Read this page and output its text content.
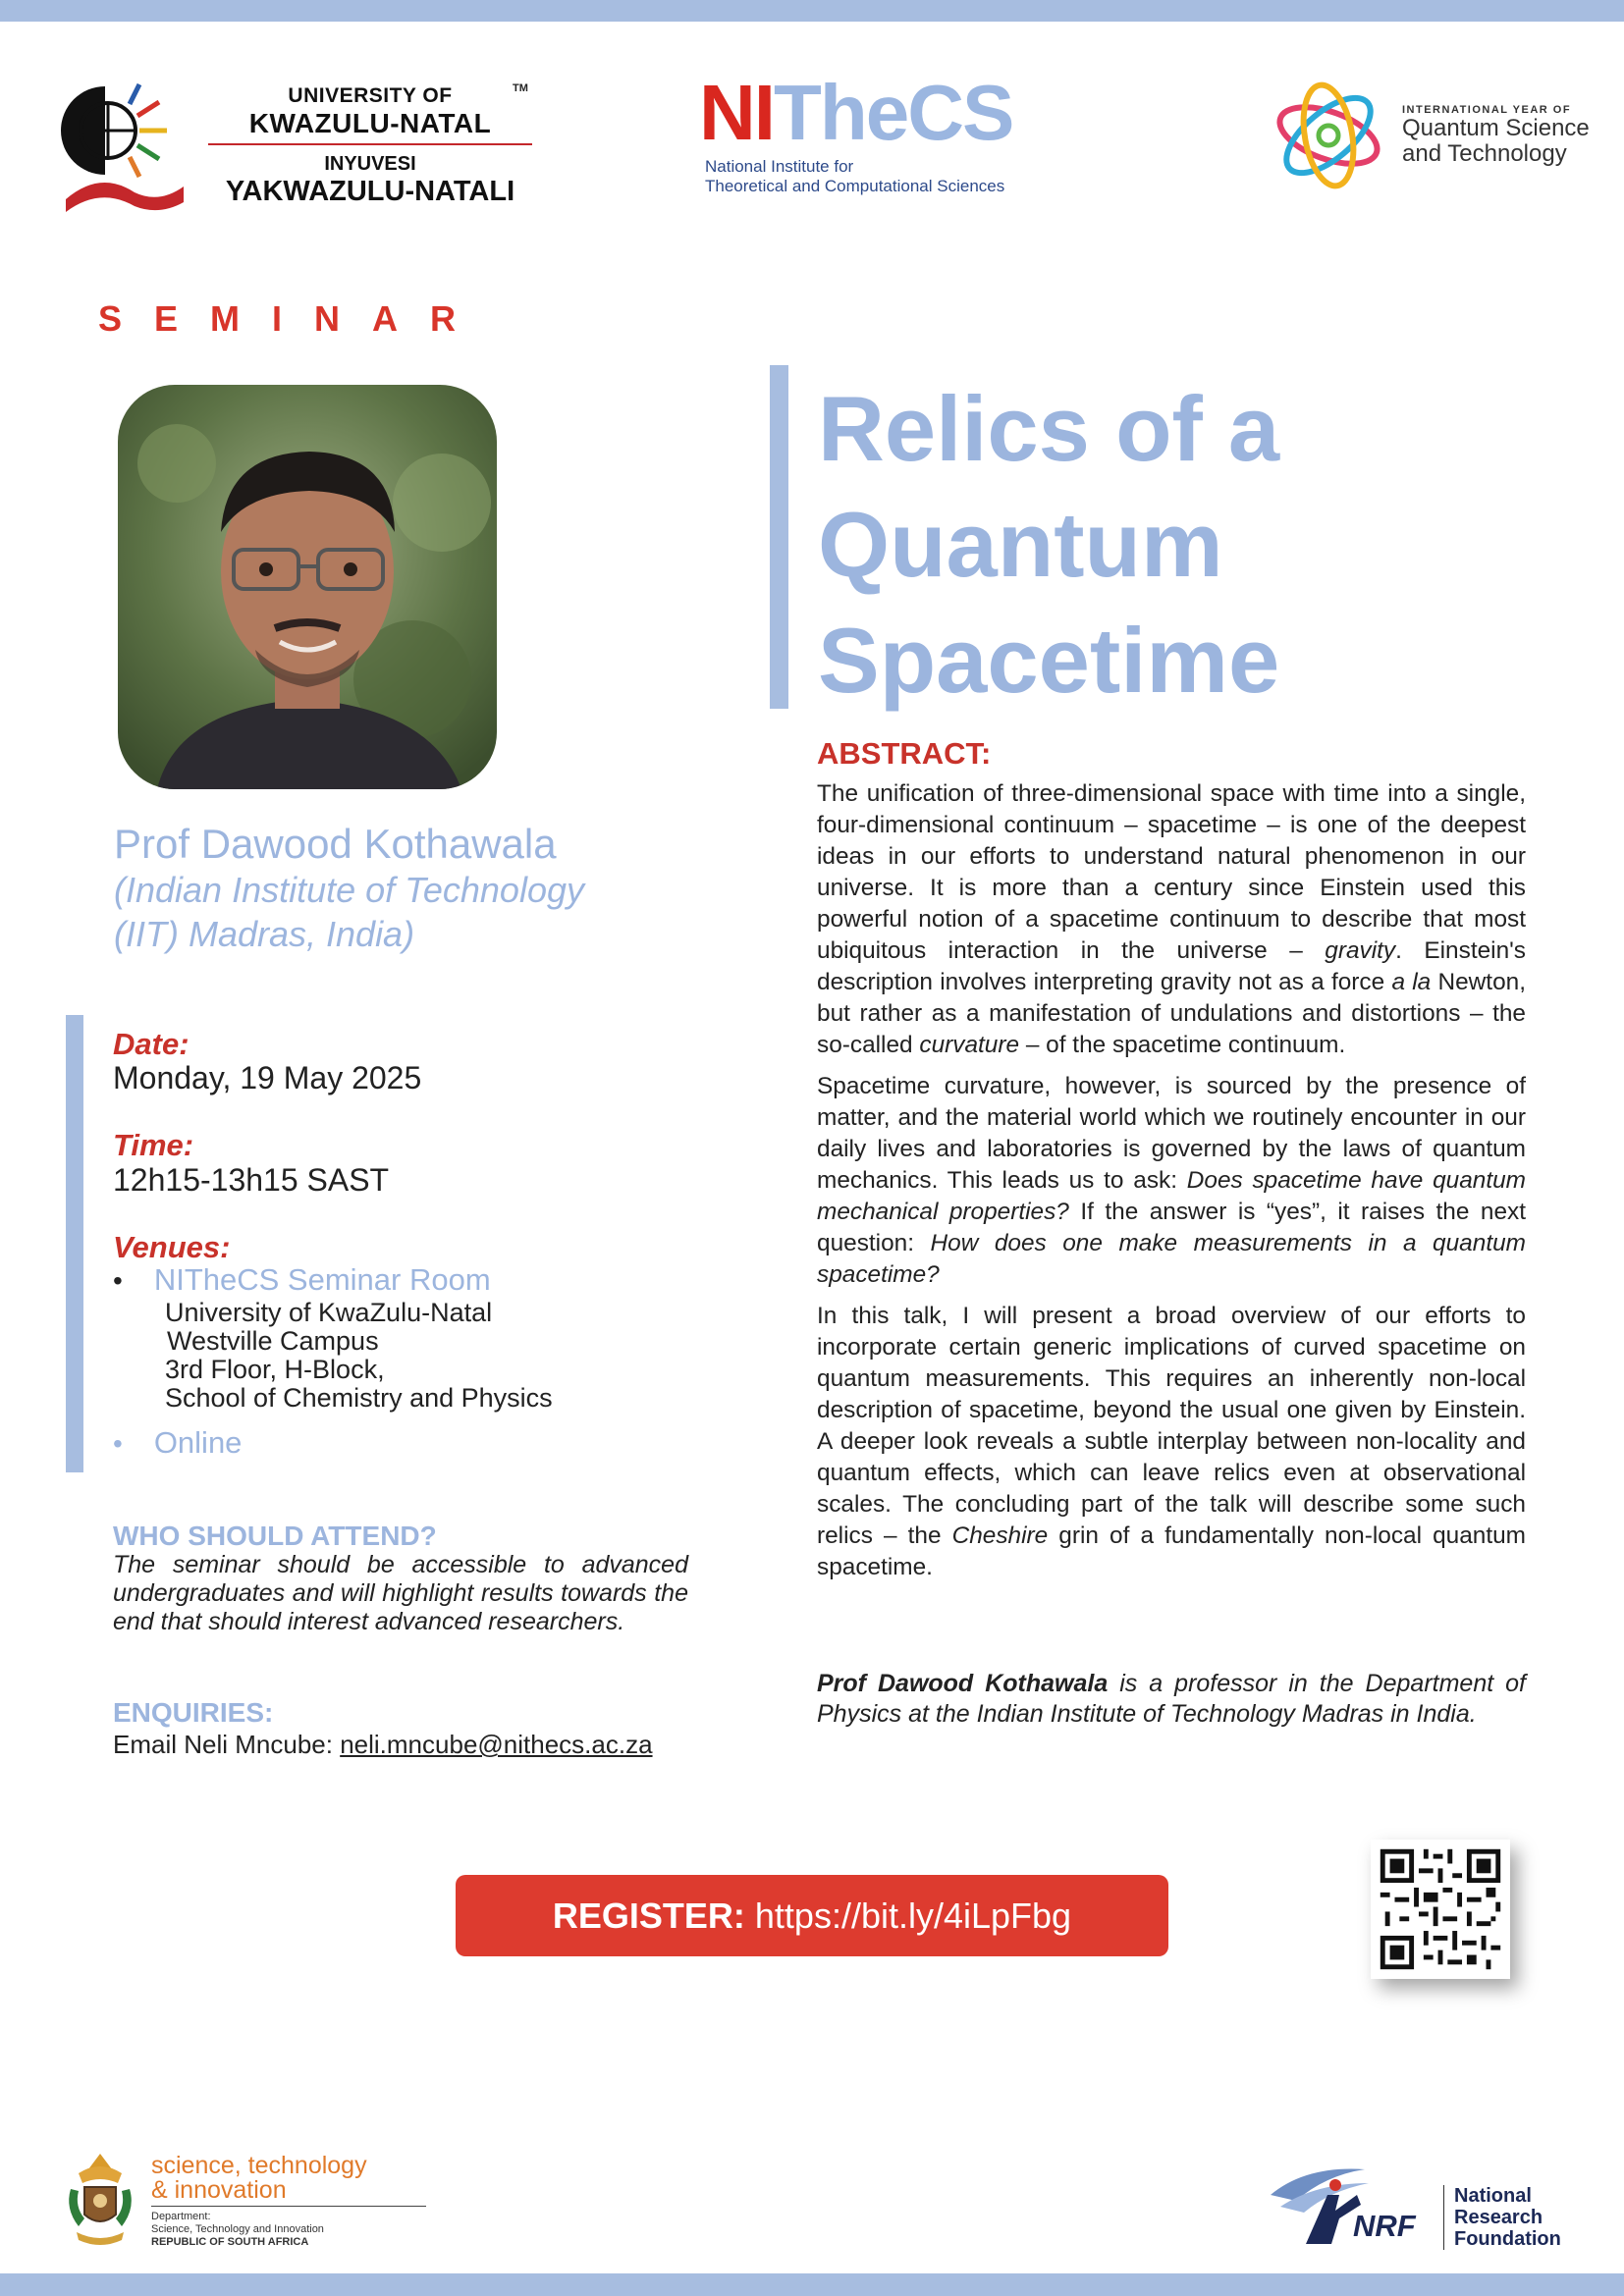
UNIVERSITY OF
KWAZULU-NATAL
INYUVESI
YAKWAZULU-NATALI
TM NITheCS
National Institute for
Theoretical and Computational Sciences
INTERNATIONAL YEAR OF
Quantum Science
and Technology
SEMINAR
Prof Dawood Kothawala
(Indian Institute of Technology
(IIT) Madras, India)
Date:
Monday, 19 May 2025
Time:
12h15-13h15 SAST
Venues:
• NITheCS Seminar Room
University of KwaZulu-Natal
Westville Campus
3rd Floor, H-Block,
School of Chemistry and Physics
• Online
WHO SHOULD ATTEND?
The seminar should be accessible to advanced undergraduates and will highlight results towards the end that should interest advanced researchers.
ENQUIRIES:
Email Neli Mncube: neli.mncube@nithecs.ac.za
Relics of a
Quantum
Spacetime
ABSTRACT:

The unification of three-dimensional space with time into a single, four-dimensional continuum – spacetime – is one of the deepest ideas in our efforts to understand natural phenomenon in our universe. It is more than a century since Einstein used this powerful notion of a spacetime continuum to describe that most ubiquitous interaction in the universe – gravity. Einstein's description involves interpreting gravity not as a force a la Newton, but rather as a manifestation of undulations and distortions – the so-called curvature – of the spacetime continuum.

Spacetime curvature, however, is sourced by the presence of matter, and the material world which we routinely encounter in our daily lives and laboratories is governed by the laws of quantum mechanics. This leads us to ask: Does spacetime have quantum mechanical properties? If the answer is “yes”, it raises the next question: How does one make measurements in a quantum spacetime?

In this talk, I will present a broad overview of our efforts to incorporate certain generic implications of curved spacetime on quantum measurements. This requires an inherently non-local description of spacetime, beyond the usual one given by Einstein. A deeper look reveals a subtle interplay between non-locality and quantum effects, which can leave relics even at observational scales. The concluding part of the talk will describe some such relics – the Cheshire grin of a fundamentally non-local quantum spacetime.

Prof Dawood Kothawala is a professor in the Department of Physics at the Indian Institute of Technology Madras in India.
REGISTER: https://bit.ly/4iLpFbg
science, technology
& innovation
Department:
Science, Technology and Innovation
REPUBLIC OF SOUTH AFRICA	NRF
National
Research
Foundation
